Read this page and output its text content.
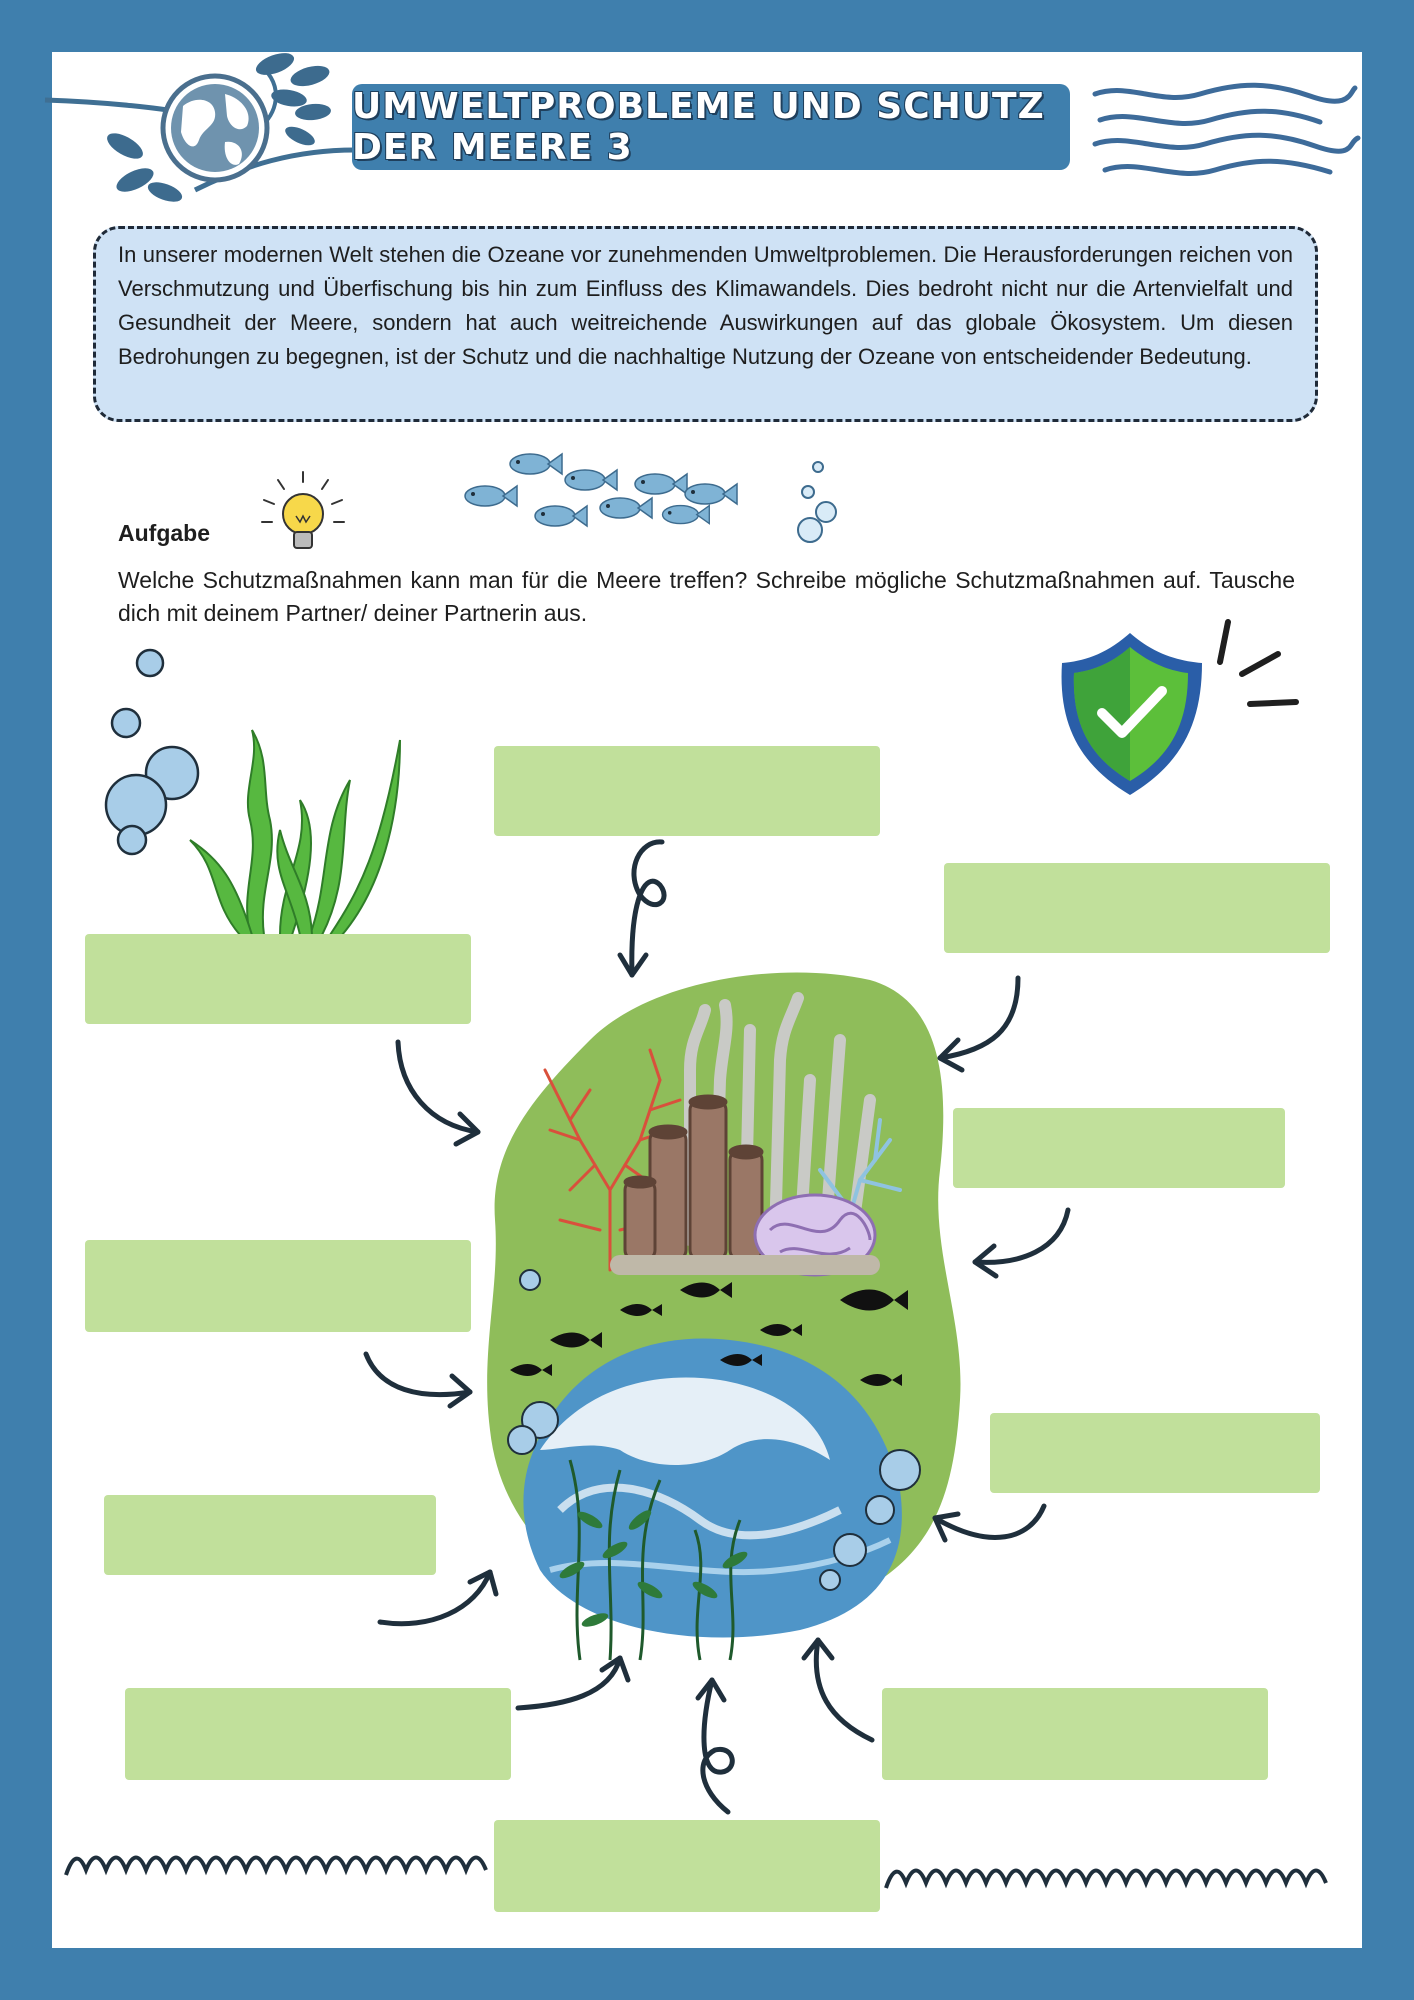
UMWELTPROBLEME UND SCHUTZ DER MEERE 3
In unserer modernen Welt stehen die Ozeane vor zunehmenden Umweltproblemen. Die Herausforderungen reichen von Verschmutzung und Überfischung bis hin zum Einfluss des Klimawandels. Dies bedroht nicht nur die Artenvielfalt und Gesundheit der Meere, sondern hat auch weitreichende Auswirkungen auf das globale Ökosystem. Um diesen Bedrohungen zu begegnen, ist der Schutz und die nachhaltige Nutzung der Ozeane von entscheidender Bedeutung.
Aufgabe
Welche Schutzmaßnahmen kann man für die Meere treffen? Schreibe mögliche Schutzmaßnahmen auf. Tausche dich mit deinem Partner/ deiner Partnerin aus.
